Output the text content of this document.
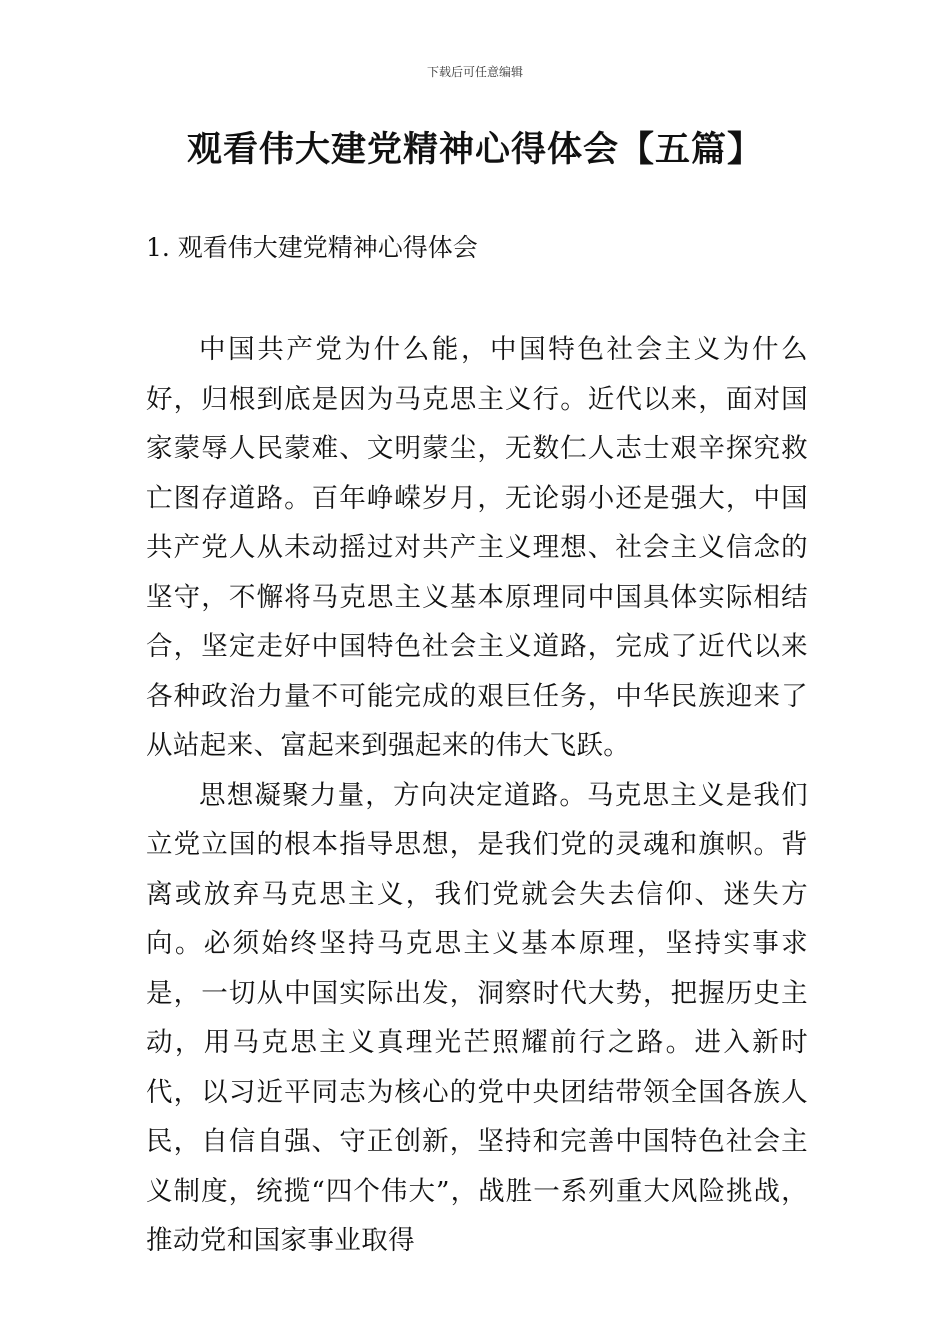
下载后可任意编辑
观看伟大建党精神心得体会【五篇】
1. 观看伟大建党精神心得体会

中国共产党为什么能，中国特色社会主义为什么好，归根到底是因为马克思主义行。近代以来，面对国家蒙辱人民蒙难、文明蒙尘，无数仁人志士艰辛探究救亡图存道路。百年峥嵘岁月，无论弱小还是强大，中国共产党人从未动摇过对共产主义理想、社会主义信念的坚守，不懈将马克思主义基本原理同中国具体实际相结合，坚定走好中国特色社会主义道路，完成了近代以来各种政治力量不可能完成的艰巨任务，中华民族迎来了从站起来、富起来到强起来的伟大飞跃。

思想凝聚力量，方向决定道路。马克思主义是我们立党立国的根本指导思想，是我们党的灵魂和旗帜。背离或放弃马克思主义，我们党就会失去信仰、迷失方向。必须始终坚持马克思主义基本原理，坚持实事求是，一切从中国实际出发，洞察时代大势，把握历史主动，用马克思主义真理光芒照耀前行之路。进入新时代，以习近平同志为核心的党中央团结带领全国各族人民，自信自强、守正创新，坚持和完善中国特色社会主义制度，统揽“四个伟大”，战胜一系列重大风险挑战，推动党和国家事业取得
